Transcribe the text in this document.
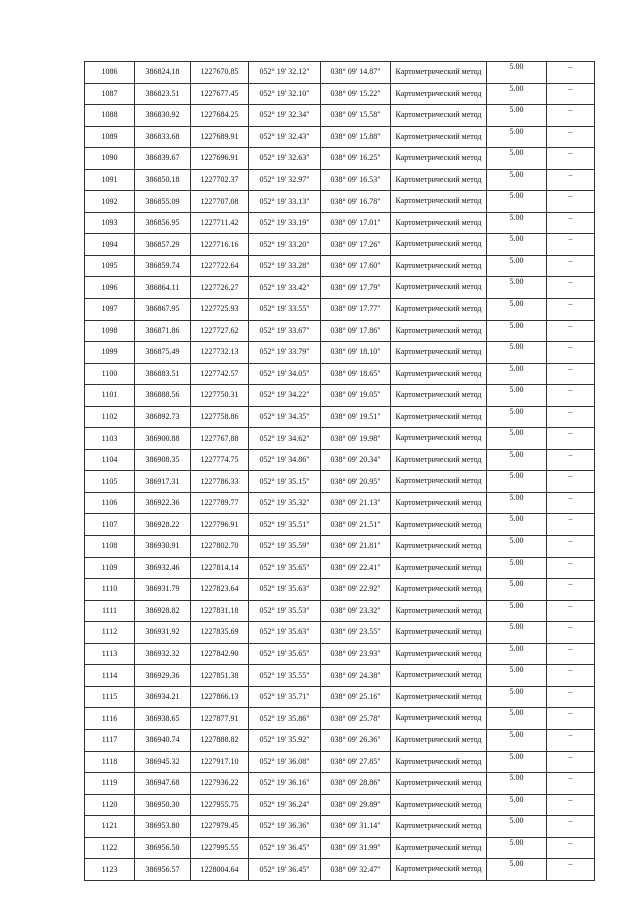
1086	386824.18	1227670.85	052° 19' 32.12"	038° 09' 14.87"	Картометрический метод	5.00	–
1087	386823.51	1227677.45	052° 19' 32.10"	038° 09' 15.22"	Картометрический метод	5.00	–
1088	386830.92	1227684.25	052° 19' 32.34"	038° 09' 15.58"	Картометрический метод	5.00	–
1089	386833.68	1227689.91	052° 19' 32.43"	038° 09' 15.88"	Картометрический метод	5.00	–
1090	386839.67	1227696.91	052° 19' 32.63"	038° 09' 16.25"	Картометрический метод	5.00	–
1091	386850.18	1227702.37	052° 19' 32.97"	038° 09' 16.53"	Картометрический метод	5.00	–
1092	386855.09	1227707.08	052° 19' 33.13"	038° 09' 16.78"	Картометрический метод	5.00	–
1093	386856.95	1227711.42	052° 19' 33.19"	038° 09' 17.01"	Картометрический метод	5.00	–
1094	386857.29	1227716.16	052° 19' 33.20"	038° 09' 17.26"	Картометрический метод	5.00	–
1095	386859.74	1227722.64	052° 19' 33.28"	038° 09' 17.60"	Картометрический метод	5.00	–
1096	386864.11	1227726.27	052° 19' 33.42"	038° 09' 17.79"	Картометрический метод	5.00	–
1097	386867.95	1227725.93	052° 19' 33.55"	038° 09' 17.77"	Картометрический метод	5.00	–
1098	386871.86	1227727.62	052° 19' 33.67"	038° 09' 17.86"	Картометрический метод	5.00	–
1099	386875.49	1227732.13	052° 19' 33.79"	038° 09' 18.10"	Картометрический метод	5.00	–
1100	386883.51	1227742.57	052° 19' 34.05"	038° 09' 18.65"	Картометрический метод	5.00	–
1101	386888.56	1227750.31	052° 19' 34.22"	038° 09' 19.05"	Картометрический метод	5.00	–
1102	386892.73	1227758.86	052° 19' 34.35"	038° 09' 19.51"	Картометрический метод	5.00	–
1103	386900.88	1227767.88	052° 19' 34.62"	038° 09' 19.98"	Картометрический метод	5.00	–
1104	386908.35	1227774.75	052° 19' 34.86"	038° 09' 20.34"	Картометрический метод	5.00	–
1105	386917.31	1227786.33	052° 19' 35.15"	038° 09' 20.95"	Картометрический метод	5.00	–
1106	386922.36	1227789.77	052° 19' 35.32"	038° 09' 21.13"	Картометрический метод	5.00	–
1107	386928.22	1227796.91	052° 19' 35.51"	038° 09' 21.51"	Картометрический метод	5.00	–
1108	386930.91	1227802.70	052° 19' 35.59"	038° 09' 21.81"	Картометрический метод	5.00	–
1109	386932.46	1227814.14	052° 19' 35.65"	038° 09' 22.41"	Картометрический метод	5.00	–
1110	386931.79	1227823.64	052° 19' 35.63"	038° 09' 22.92"	Картометрический метод	5.00	–
1111	386928.82	1227831.18	052° 19' 35.53"	038° 09' 23.32"	Картометрический метод	5.00	–
1112	386931.92	1227835.69	052° 19' 35.63"	038° 09' 23.55"	Картометрический метод	5.00	–
1113	386932.32	1227842.90	052° 19' 35.65"	038° 09' 23.93"	Картометрический метод	5.00	–
1114	386929.36	1227851.38	052° 19' 35.55"	038° 09' 24.38"	Картометрический метод	5.00	–
1115	386934.21	1227866.13	052° 19' 35.71"	038° 09' 25.16"	Картометрический метод	5.00	–
1116	386938.65	1227877.91	052° 19' 35.86"	038° 09' 25.78"	Картометрический метод	5.00	–
1117	386940.74	1227888.82	052° 19' 35.92"	038° 09' 26.36"	Картометрический метод	5.00	–
1118	386945.32	1227917.10	052° 19' 36.08"	038° 09' 27.85"	Картометрический метод	5.00	–
1119	386947.68	1227936.22	052° 19' 36.16"	038° 09' 28.86"	Картометрический метод	5.00	–
1120	386950.30	1227955.75	052° 19' 36.24"	038° 09' 29.89"	Картометрический метод	5.00	–
1121	386953.80	1227979.45	052° 19' 36.36"	038° 09' 31.14"	Картометрический метод	5.00	–
1122	386956.50	1227995.55	052° 19' 36.45"	038° 09' 31.99"	Картометрический метод	5.00	–
1123	386956.57	1228004.64	052° 19' 36.45"	038° 09' 32.47"	Картометрический метод	5.00	–
